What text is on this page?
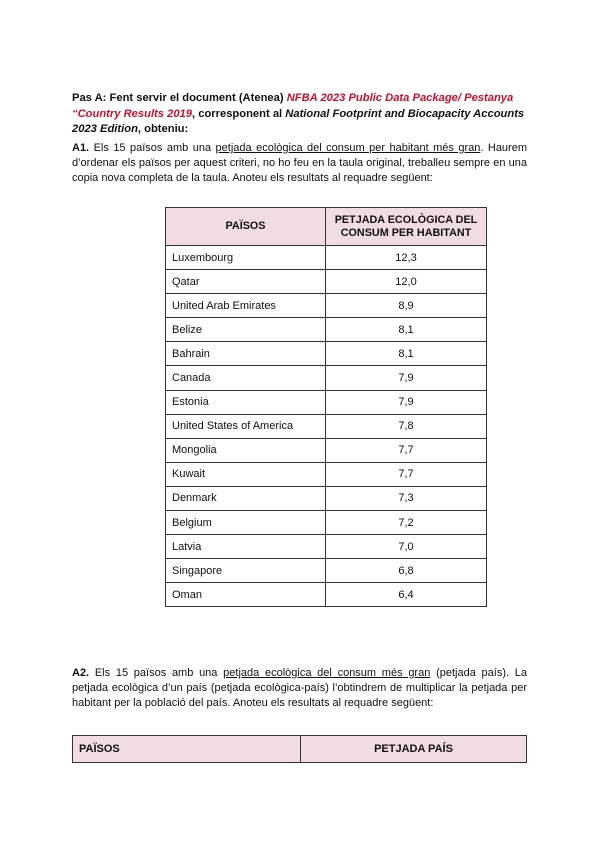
Pas A: Fent servir el document (Atenea) NFBA 2023 Public Data Package/ Pestanya “Country Results 2019, corresponent al National Footprint and Biocapacity Accounts 2023 Edition, obteniu:
A1. Els 15 països amb una petjada ecològica del consum per habitant més gran. Haurem d’ordenar els països per aquest criteri, no ho feu en la taula original, treballeu sempre en una copia nova completa de la taula. Anoteu els resultats al requadre següent:
PAÏSOS	PETJADA ECOLÒGICA DEL CONSUM PER HABITANT
Luxembourg	12,3
Qatar	12,0
United Arab Emirates	8,9
Belize	8,1
Bahrain	8,1
Canada	7,9
Estonia	7,9
United States of America	7,8
Mongolia	7,7
Kuwait	7,7
Denmark	7,3
Belgium	7,2
Latvia	7,0
Singapore	6,8
Oman	6,4
A2. Els 15 països amb una petjada ecològica del consum més gran (petjada país). La petjada ecològica d’un país (petjada ecològica-país) l’obtindrem de multiplicar la petjada per habitant per la població del país. Anoteu els resultats al requadre següent:
PAÏSOS	PETJADA PAÍS
